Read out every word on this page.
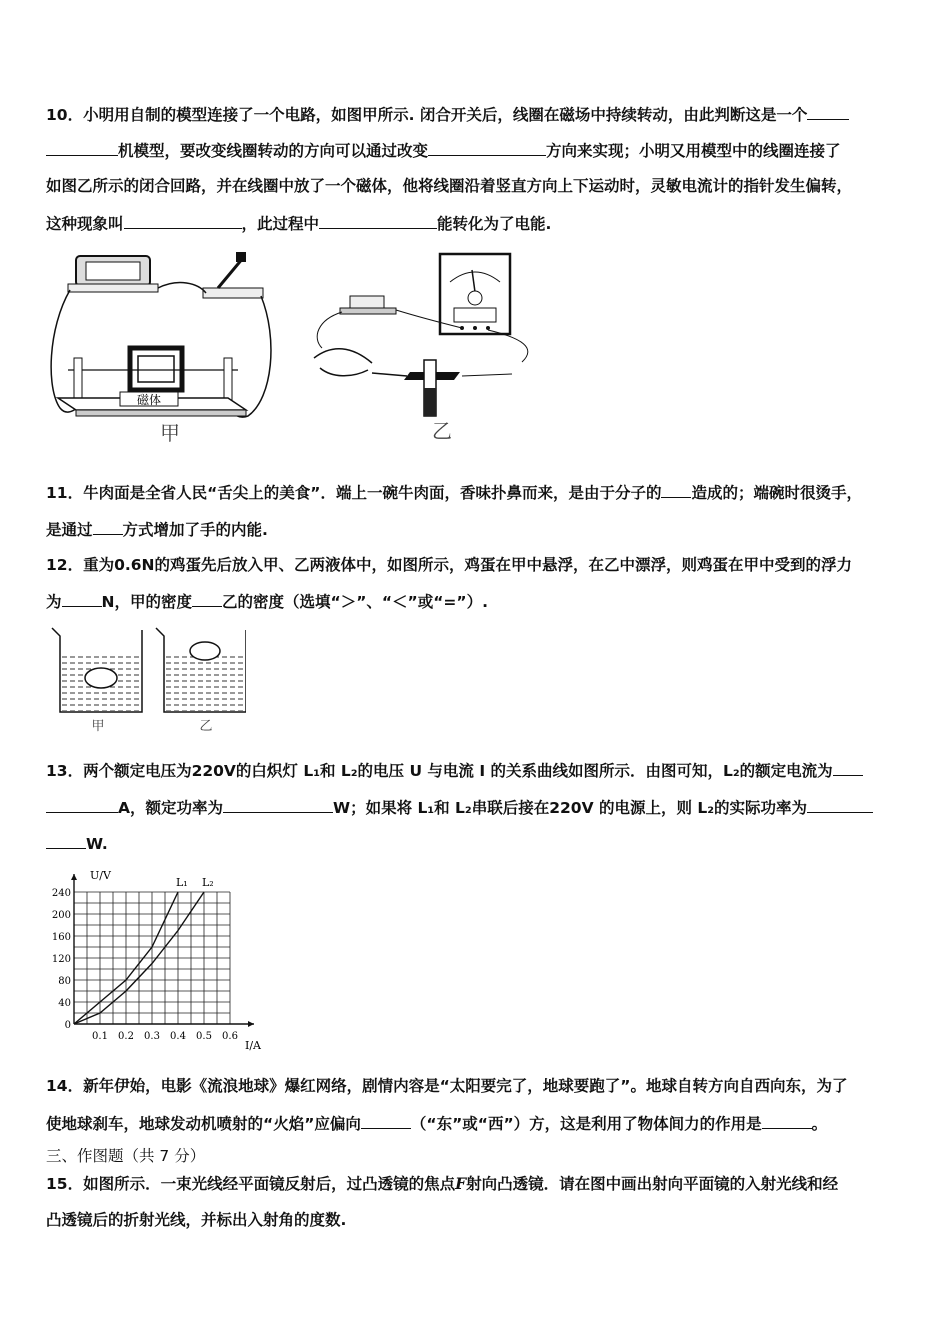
10．小明用自制的模型连接了一个电路，如图甲所示. 闭合开关后，线圈在磁场中持续转动，由此判断这是一个
机模型，要改变线圈转动的方向可以通过改变	方向来实现；小明又用模型中的线圈连接了
如图乙所示的闭合回路，并在线圈中放了一个磁体，他将线圈沿着竖直方向上下运动时，灵敏电流计的指针发生偏转，
这种现象叫	，此过程中	能转化为了电能.
磁体
甲	乙
11．牛肉面是全省人民“舌尖上的美食”．端上一碗牛肉面，香味扑鼻而来，是由于分子的 造成的；端碗时很烫手，
是通过 方式增加了手的内能.
12．重为0.6N的鸡蛋先后放入甲、乙两液体中，如图所示，鸡蛋在甲中悬浮，在乙中漂浮，则鸡蛋在甲中受到的浮力
为	N，甲的密度 乙的密度（选填“＞”、“＜”或“=”）.
甲	乙
13．两个额定电压为220V的白炽灯 L₁和 L₂的电压 U 与电流 I 的关系曲线如图所示．由图可知，L₂的额定电流为
A，额定功率为	W；如果将 L₁和 L₂串联后接在220V 的电源上，则 L₂的实际功率为
W.
0.1 0.2 0.3 0.4 0.5 0.6
240
200
160
120
80
40
0
L₁ L₂
U/V
I/A
14．新年伊始，电影《流浪地球》爆红网络，剧情内容是“太阳要完了，地球要跑了”。地球自转方向自西向东，为了
使地球刹车，地球发动机喷射的“火焰”应偏向	（“东”或“西”）方，这是利用了物体间力的作用是	。
三、作图题（共 7 分）
15．如图所示．一束光线经平面镜反射后，过凸透镜的焦点F射向凸透镜．请在图中画出射向平面镜的入射光线和经
凸透镜后的折射光线，并标出入射角的度数.
